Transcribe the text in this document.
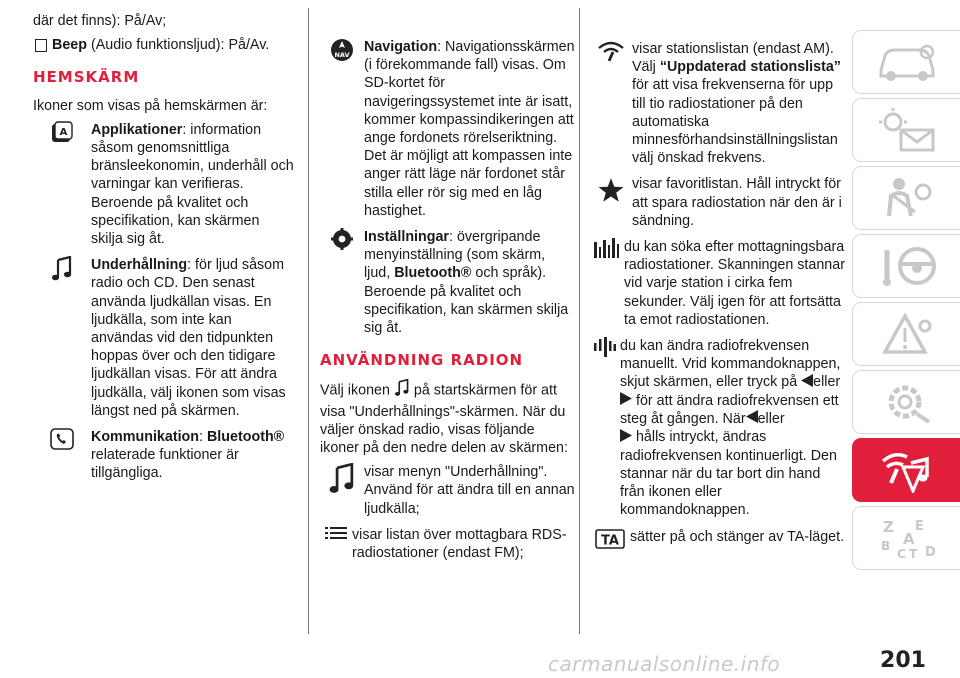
där det finns): På/Av;
Beep (Audio funktionsljud): På/Av.
HEMSKÄRM
Ikoner som visas på hemskärmen är:
A Applikationer: information såsom genomsnittliga bränsleekonomin, underhåll och varningar kan verifieras. Beroende på kvalitet och specifikation, kan skärmen skilja sig åt.
Underhållning: för ljud såsom radio och CD. Den senast använda ljudkällan visas. En ljudkälla, som inte kan användas vid den tidpunkten hoppas över och den tidigare ljudkällan visas. För att ändra ljudkälla, välj ikonen som visas längst ned på skärmen.
Kommunikation: Bluetooth®
relaterade funktioner är tillgängliga.
NAV Navigation: Navigationsskärmen (i förekommande fall) visas. Om SD-kortet för navigeringssystemet inte är isatt, kommer kompassindikeringen att ange fordonets rörelseriktning. Det är möjligt att kompassen inte anger rätt läge när fordonet står stilla eller rör sig med en låg hastighet.
Inställningar: övergripande menyinställning (som skärm, ljud, Bluetooth® och språk). Beroende på kvalitet och specifikation, kan skärmen skilja sig åt.
ANVÄNDNING RADION
Välj ikonen på startskärmen för att visa "Underhållnings"-skärmen. När du väljer önskad radio, visas följande ikoner på den nedre delen av skärmen:
visar menyn "Underhållning". Använd för att ändra till en annan ljudkälla;
visar listan över mottagbara RDS-radiostationer (endast FM);
visar stationslistan (endast AM). Välj “Uppdaterad stationslista” för att visa frekvenserna för upp till tio radiostationer på den automatiska minnesförhandsinställningslistan välj önskad frekvens.
visar favoritlistan. Håll intryckt för att spara radiostation när den är i sändning.
du kan söka efter mottagningsbara radiostationer. Skanningen stannar vid varje station i cirka fem sekunder. Välj igen för att fortsätta ta emot radiostationen.
du kan ändra radiofrekvensen manuellt. Vrid kommandoknappen, skjut skärmen, eller tryck på eller
för att ändra radiofrekvensen ett steg åt gången. När eller
hålls intryckt, ändras radiofrekvensen kontinuerligt. Den stannar när du tar bort din hand från ikonen eller kommandoknappen.
TA sätter på och stänger av TA-läget.
Z E
A
B
C T D
carmanualsonline.info	201
